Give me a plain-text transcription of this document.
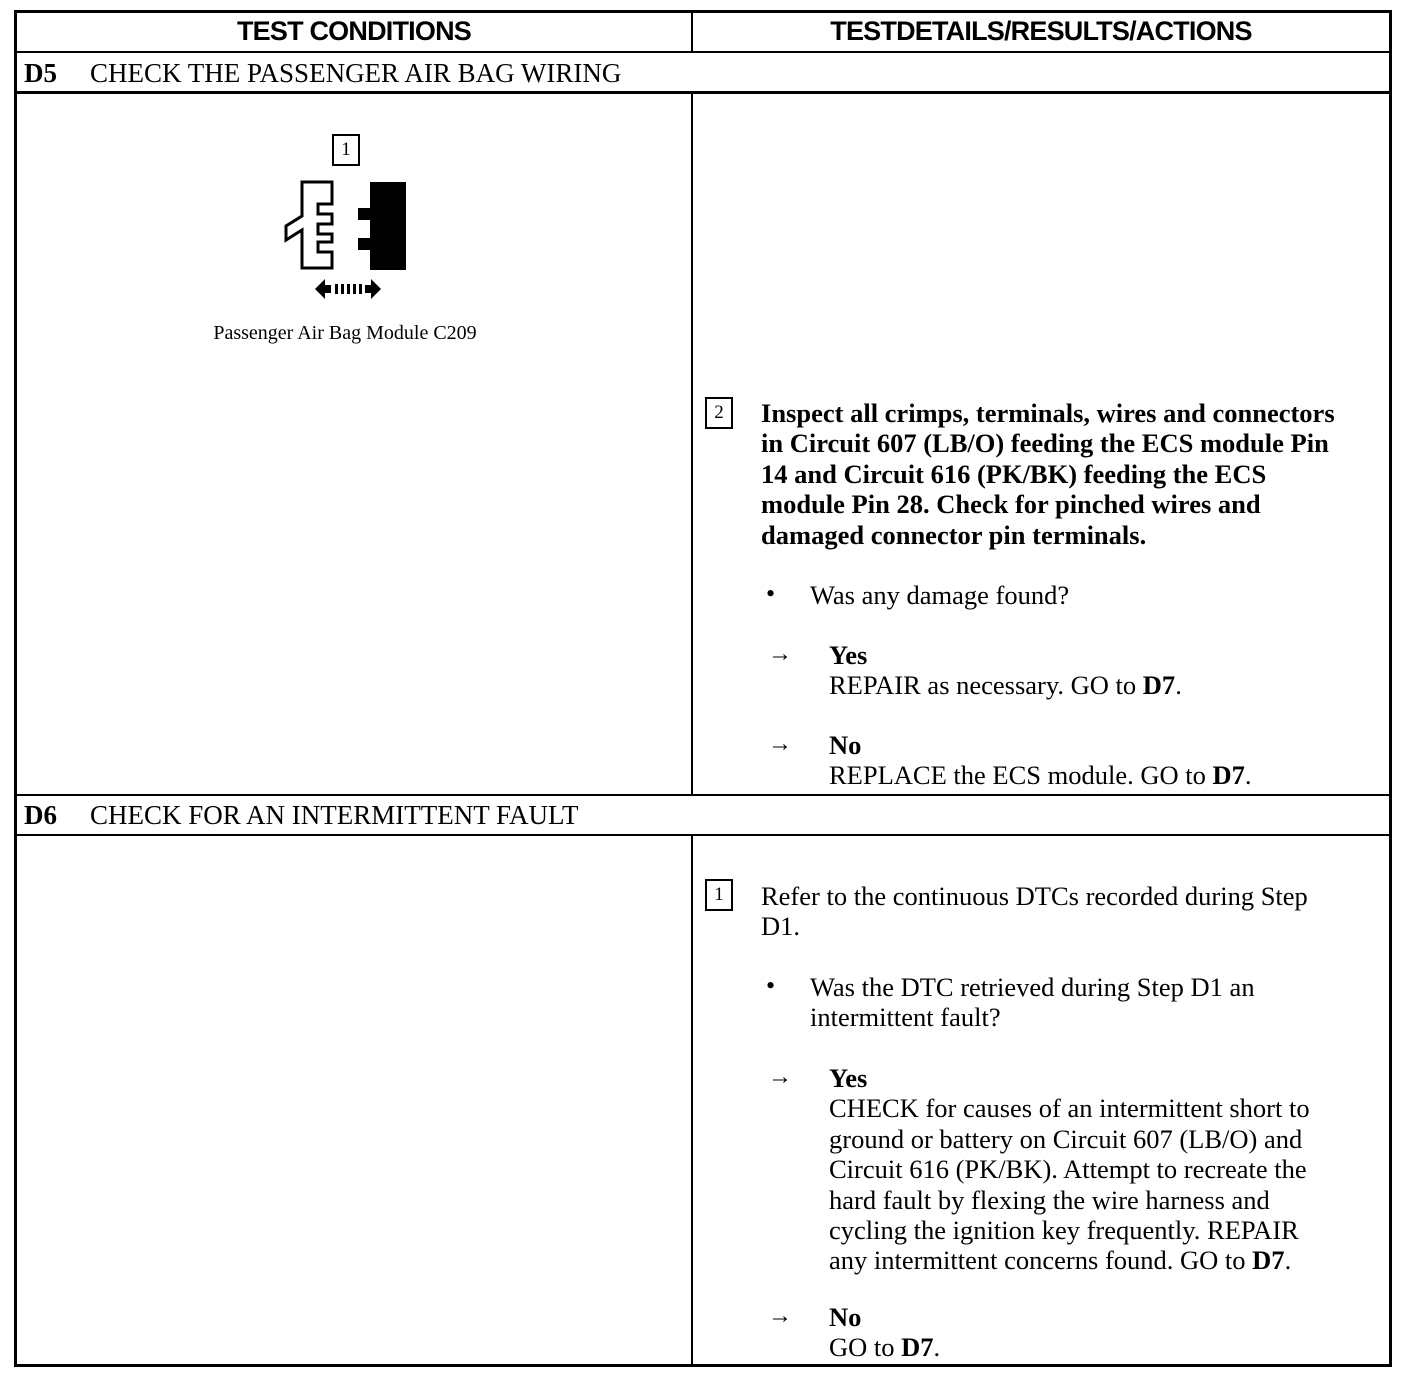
TEST CONDITIONS	TESTDETAILS/RESULTS/ACTIONS
D5 CHECK THE PASSENGER AIR BAG WIRING
1
Passenger Air Bag Module C209
2	Inspect all crimps, terminals, wires and connectors
in Circuit 607 (LB/O) feeding the ECS module Pin
14 and Circuit 616 (PK/BK) feeding the ECS
module Pin 28. Check for pinched wires and
damaged connector pin terminals.
• Was any damage found?
→ Yes
REPAIR as necessary. GO to D7.
→ No
REPLACE the ECS module. GO to D7.
D6 CHECK FOR AN INTERMITTENT FAULT
1	Refer to the continuous DTCs recorded during Step
D1.
• Was the DTC retrieved during Step D1 an
intermittent fault?
→ Yes
CHECK for causes of an intermittent short to
ground or battery on Circuit 607 (LB/O) and
Circuit 616 (PK/BK). Attempt to recreate the
hard fault by flexing the wire harness and
cycling the ignition key frequently. REPAIR
any intermittent concerns found. GO to D7.
→ No
GO to D7.
